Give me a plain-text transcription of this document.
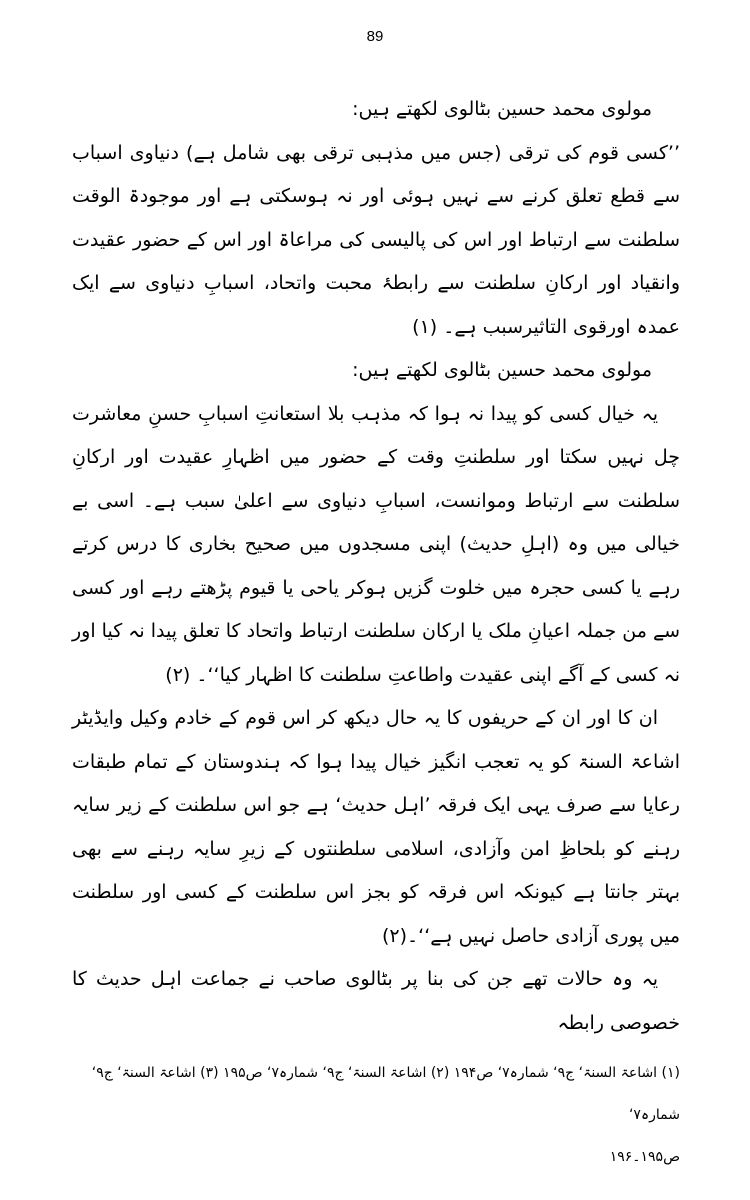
89

مولوی محمد حسین بٹالوی لکھتے ہیں:

’’کسی قوم کی ترقی (جس میں مذہبی ترقی بھی شامل ہے) دنیاوی اسباب سے قطع تعلق کرنے سے نہیں ہوئی اور نہ ہوسکتی ہے اور موجودۃ الوقت سلطنت سے ارتباط اور اس کی پالیسی کی مراعاۃ اور اس کے حضور عقیدت وانقیاد اور ارکانِ سلطنت سے رابطۂ محبت واتحاد، اسبابِ دنیاوی سے ایک عمدہ اورقوی التاثیرسبب ہے۔ (۱)

مولوی محمد حسین بٹالوی لکھتے ہیں:

یہ خیال کسی کو پیدا نہ ہوا کہ مذہب بلا استعانتِ اسبابِ حسنِ معاشرت چل نہیں سکتا اور سلطنتِ وقت کے حضور میں اظہارِ عقیدت اور ارکانِ سلطنت سے ارتباط وموانست، اسبابِ دنیاوی سے اعلیٰ سبب ہے۔ اسی بے خیالی میں وہ (اہلِ حدیث) اپنی مسجدوں میں صحیح بخاری کا درس کرتے رہے یا کسی حجرہ میں خلوت گزیں ہوکر یاحی یا قیوم پڑھتے رہے اور کسی سے من جملہ اعیانِ ملک یا ارکان سلطنت ارتباط واتحاد کا تعلق پیدا نہ کیا اور نہ کسی کے آگے اپنی عقیدت واطاعتِ سلطنت کا اظہار کیا‘‘۔ (۲)

ان کا اور ان کے حریفوں کا یہ حال دیکھ کر اس قوم کے خادم وکیل وایڈیٹر اشاعۃ السنۃ کو یہ تعجب انگیز خیال پیدا ہوا کہ ہندوستان کے تمام طبقات رعایا سے صرف یہی ایک فرقہ ’اہل حدیث‘ ہے جو اس سلطنت کے زیر سایہ رہنے کو بلحاظِ امن وآزادی، اسلامی سلطنتوں کے زیرِ سایہ رہنے سے بھی بہتر جانتا ہے کیونکہ اس فرقہ کو بجز اس سلطنت کے کسی اور سلطنت میں پوری آزادی حاصل نہیں ہے‘‘۔(۲)

یہ وہ حالات تھے جن کی بنا پر بٹالوی صاحب نے جماعت اہل حدیث کا خصوصی رابطہ

(۱) اشاعۃ السنۃ‘ ج۹‘ شمارہ۷‘ ص۱۹۴ (۲) اشاعۃ السنۃ‘ ج۹‘ شمارہ۷‘ ص۱۹۵ (۳) اشاعۃ السنۃ‘ ج۹‘ شمارہ۷‘

ص۱۹۵۔۱۹۶
